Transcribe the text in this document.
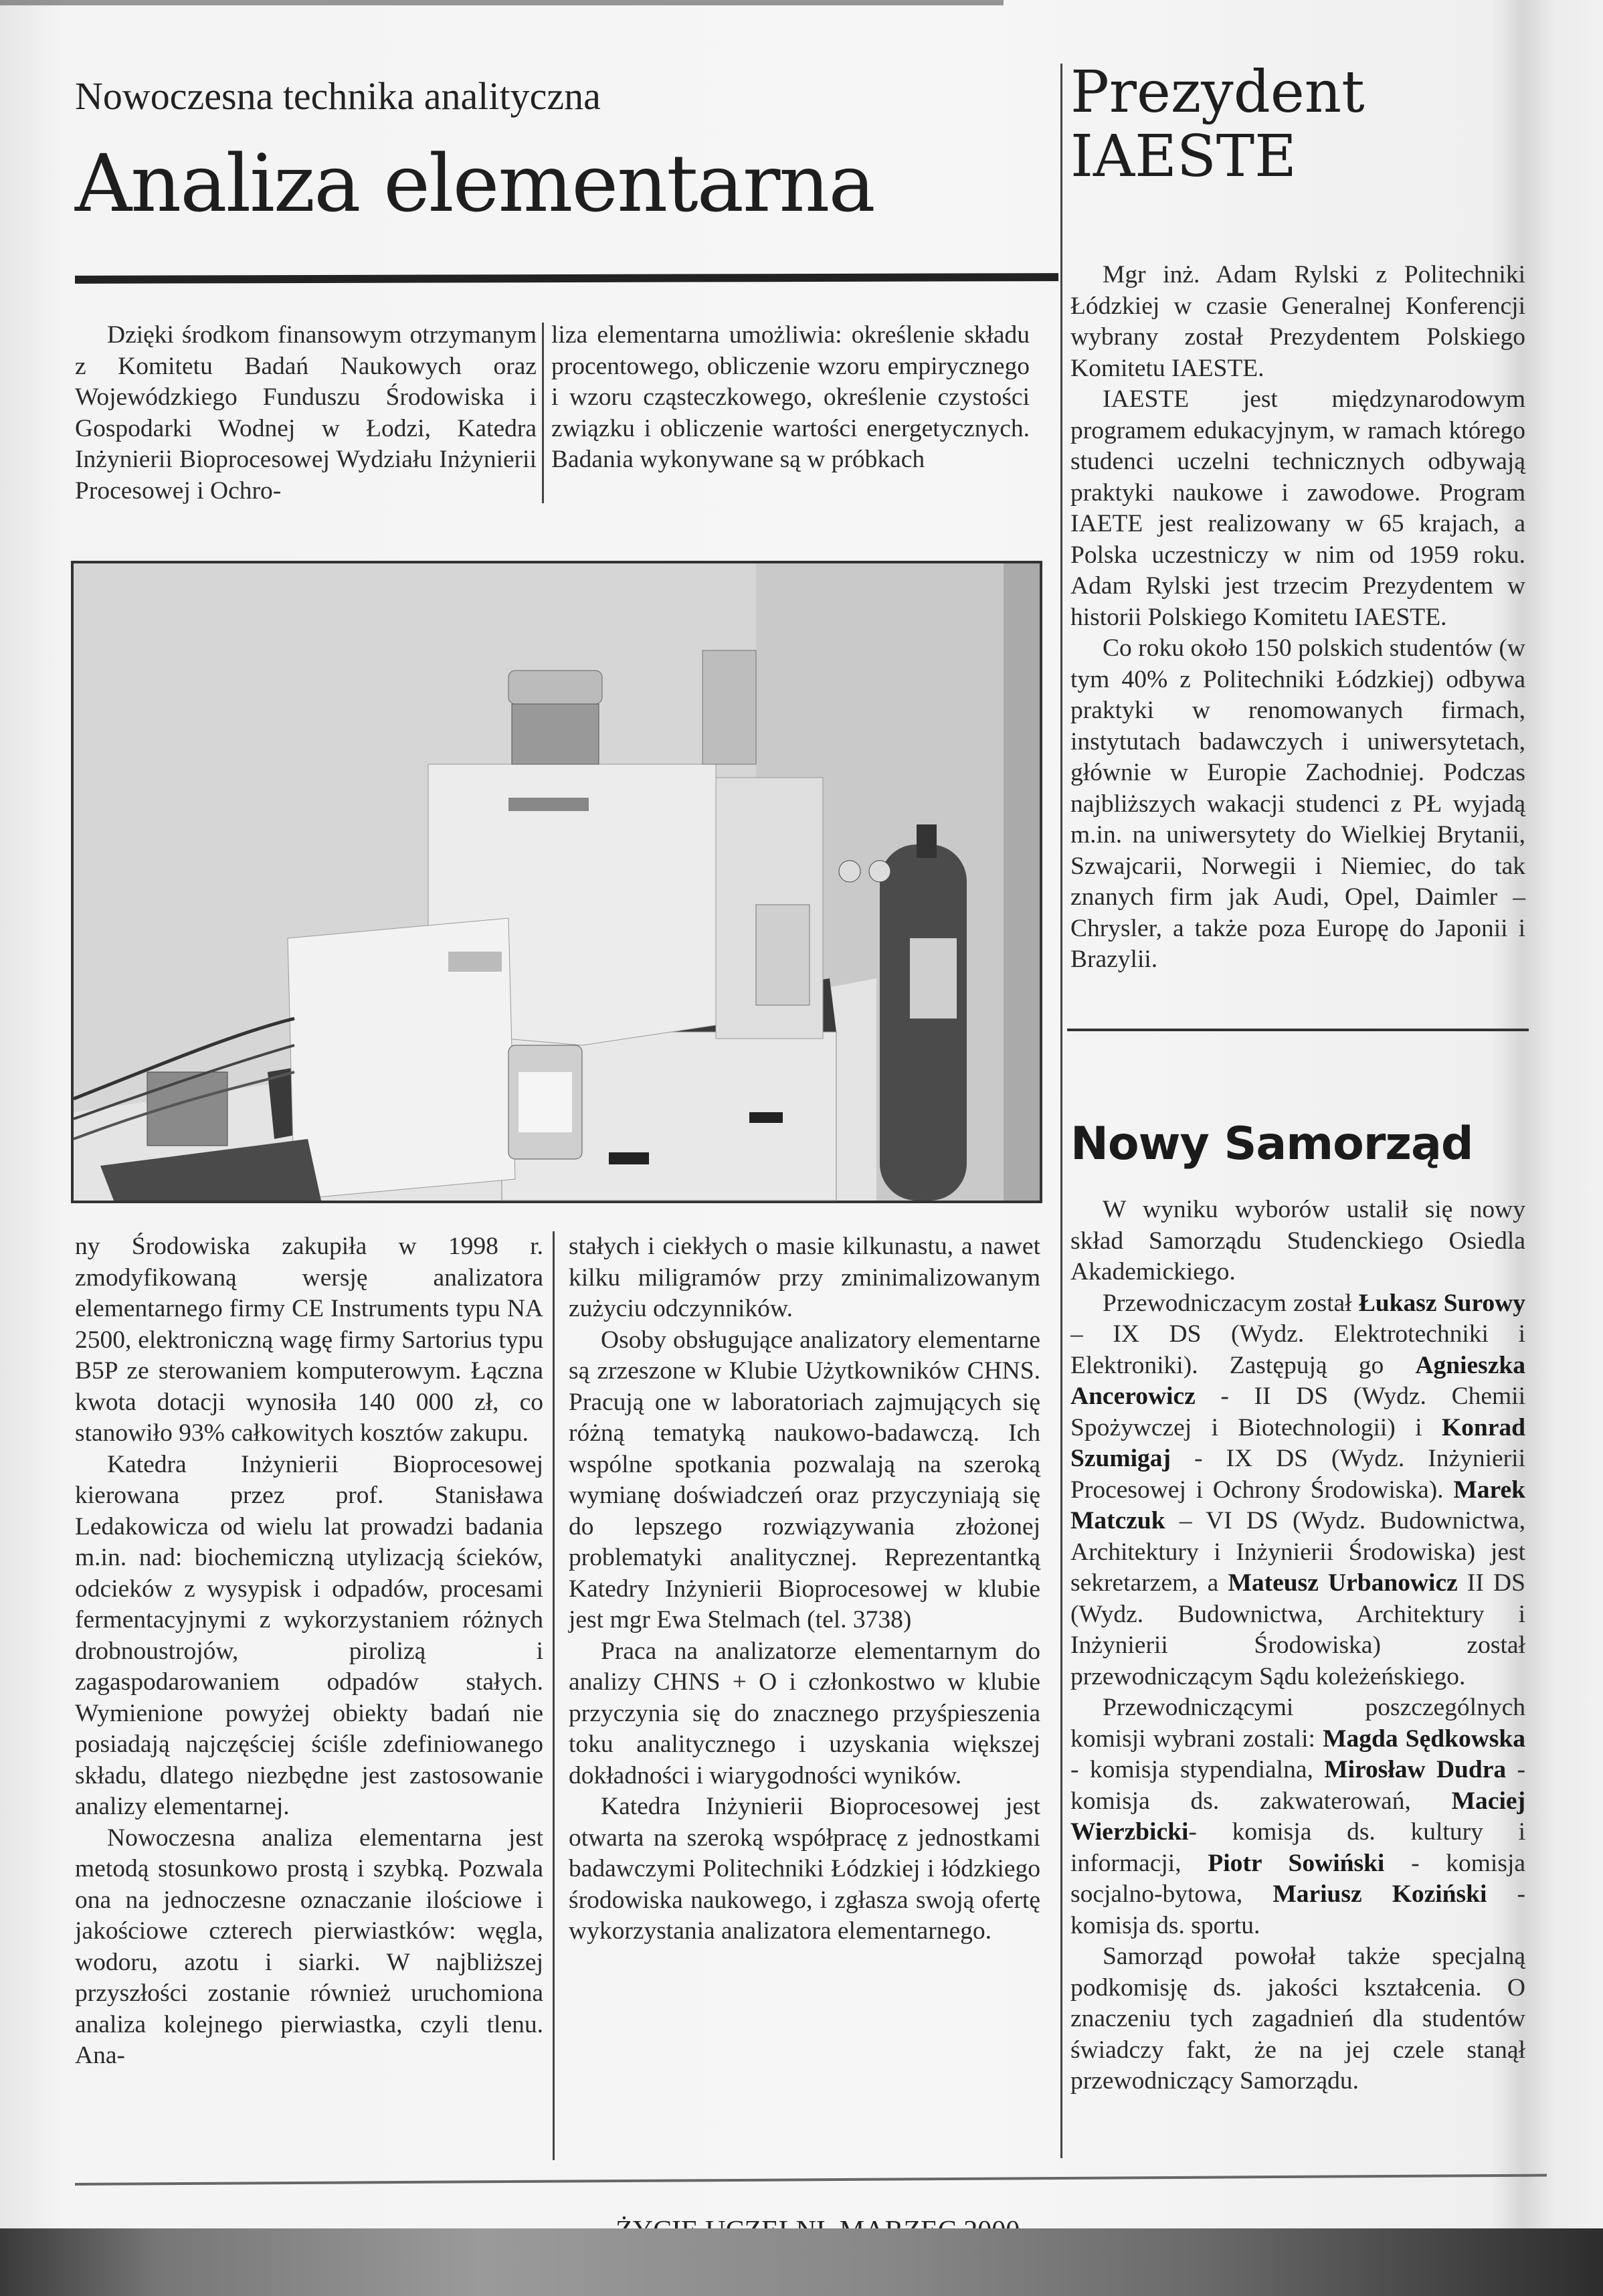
Nowoczesna technika analityczna
Analiza elementarna

Dzięki środkom finansowym otrzymanym z Komitetu Badań Naukowych oraz Wojewódzkiego Funduszu Środowiska i Gospodarki Wodnej w Łodzi, Katedra Inżynierii Bioprocesowej Wydziału Inżynierii Procesowej i Ochro-

liza elementarna umożliwia: określenie składu procentowego, obliczenie wzoru empirycznego i wzoru cząsteczkowego, określenie czystości związku i obliczenie wartości energetycznych. Badania wykonywane są w próbkach

ny Środowiska zakupiła w 1998 r. zmodyfikowaną wersję analizatora elementarnego firmy CE Instruments typu NA 2500, elektroniczną wagę firmy Sartorius typu B5P ze sterowaniem komputerowym. Łączna kwota dotacji wynosiła 140 000 zł, co stanowiło 93% całkowitych kosztów zakupu.

Katedra Inżynierii Bioprocesowej kierowana przez prof. Stanisława Ledakowicza od wielu lat prowadzi badania m.in. nad: biochemiczną utylizacją ścieków, odcieków z wysypisk i odpadów, procesami fermentacyjnymi z wykorzystaniem różnych drobnoustrojów, pirolizą i zagaspodarowaniem odpadów stałych. Wymienione powyżej obiekty badań nie posiadają najczęściej ściśle zdefiniowanego składu, dlatego niezbędne jest zastosowanie analizy elementarnej.

Nowoczesna analiza elementarna jest metodą stosunkowo prostą i szybką. Pozwala ona na jednoczesne oznaczanie ilościowe i jakościowe czterech pierwiastków: węgla, wodoru, azotu i siarki. W najbliższej przyszłości zostanie również uruchomiona analiza kolejnego pierwiastka, czyli tlenu. Ana-

stałych i ciekłych o masie kilkunastu, a nawet kilku miligramów przy zminimalizowanym zużyciu odczynników.

Osoby obsługujące analizatory elementarne są zrzeszone w Klubie Użytkowników CHNS. Pracują one w laboratoriach zajmujących się różną tematyką naukowo-badawczą. Ich wspólne spotkania pozwalają na szeroką wymianę doświadczeń oraz przyczyniają się do lepszego rozwiązywania złożonej problematyki analitycznej. Reprezentantką Katedry Inżynierii Bioprocesowej w klubie jest mgr Ewa Stelmach (tel. 3738)

Praca na analizatorze elementarnym do analizy CHNS + O i członkostwo w klubie przyczynia się do znacznego przyśpieszenia toku analitycznego i uzyskania większej dokładności i wiarygodności wyników.

Katedra Inżynierii Bioprocesowej jest otwarta na szeroką współpracę z jednostkami badawczymi Politechniki Łódzkiej i łódzkiego środowiska naukowego, i zgłasza swoją ofertę wykorzystania analizatora elementarnego.

Prezydent
IAESTE

Mgr inż. Adam Rylski z Politechniki Łódzkiej w czasie Generalnej Konferencji wybrany został Prezydentem Polskiego Komitetu IAESTE.

IAESTE jest międzynarodowym programem edukacyjnym, w ramach którego studenci uczelni technicznych odbywają praktyki naukowe i zawodowe. Program IAETE jest realizowany w 65 krajach, a Polska uczestniczy w nim od 1959 roku. Adam Rylski jest trzecim Prezydentem w historii Polskiego Komitetu IAESTE.

Co roku około 150 polskich studentów (w tym 40% z Politechniki Łódzkiej) odbywa praktyki w renomowanych firmach, instytutach badawczych i uniwersytetach, głównie w Europie Zachodniej. Podczas najbliższych wakacji studenci z PŁ wyjadą m.in. na uniwersytety do Wielkiej Brytanii, Szwajcarii, Norwegii i Niemiec, do tak znanych firm jak Audi, Opel, Daimler – Chrysler, a także poza Europę do Japonii i Brazylii.

Nowy Samorząd

W wyniku wyborów ustalił się nowy skład Samorządu Studenckiego Osiedla Akademickiego.

Przewodniczacym został Łukasz Surowy – IX DS (Wydz. Elektrotechniki i Elektroniki). Zastępują go Agnieszka Ancerowicz - II DS (Wydz. Chemii Spożywczej i Biotechnologii) i Konrad Szumigaj - IX DS (Wydz. Inżynierii Procesowej i Ochrony Środowiska). Marek Matczuk – VI DS (Wydz. Budownictwa, Architektury i Inżynierii Środowiska) jest sekretarzem, a Mateusz Urbanowicz II DS (Wydz. Budownictwa, Architektury i Inżynierii Środowiska) został przewodniczącym Sądu koleżeńskiego.

Przewodniczącymi poszczególnych komisji wybrani zostali: Magda Sędkowska - komisja stypendialna, Mirosław Dudra - komisja ds. zakwaterowań, Maciej Wierzbicki- komisja ds. kultury i informacji, Piotr Sowiński - komisja socjalno-bytowa, Mariusz Koziński - komisja ds. sportu.

Samorząd powołał także specjalną podkomisję ds. jakości kształcenia. O znaczeniu tych zagadnień dla studentów świadczy fakt, że na jej czele stanął przewodniczący Samorządu.
